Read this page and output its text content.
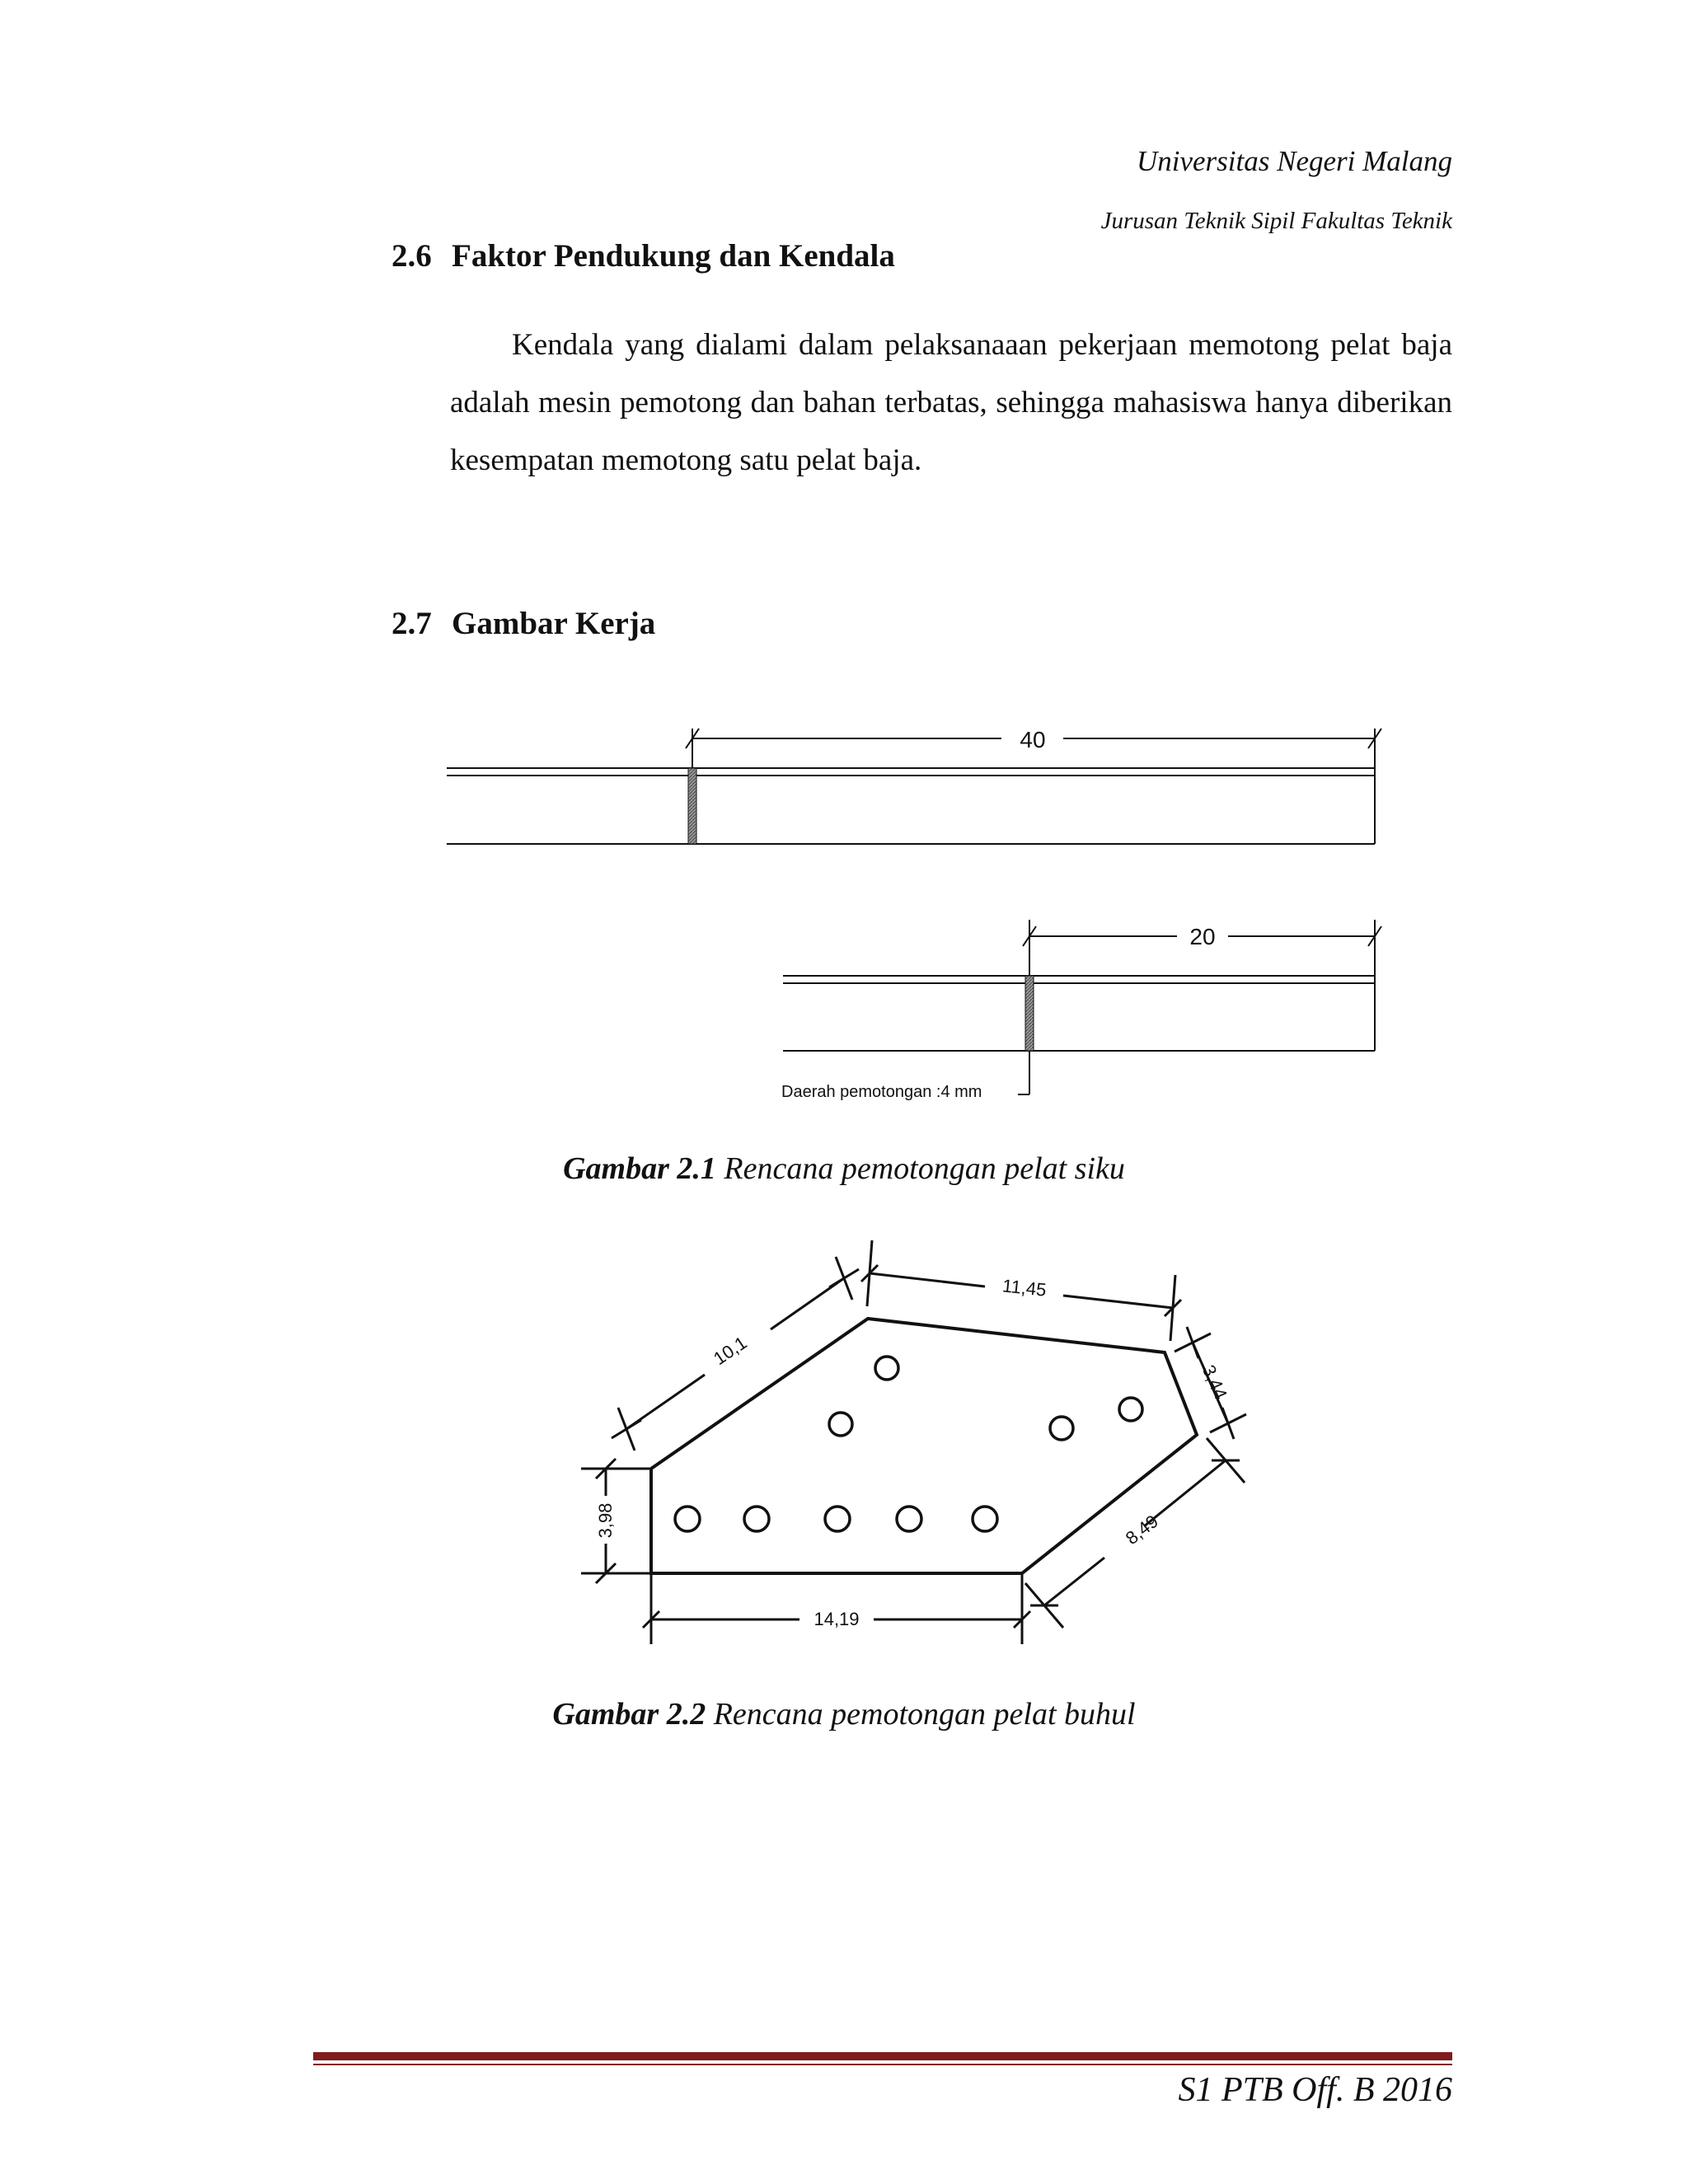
Universitas Negeri Malang
Jurusan Teknik Sipil Fakultas Teknik
2.6 Faktor Pendukung dan Kendala

Kendala yang dialami dalam pelaksanaaan pekerjaan memotong pelat baja adalah mesin pemotong dan bahan terbatas, sehingga mahasiswa hanya diberikan kesempatan memotong satu pelat baja.

2.7 Gambar Kerja
40
20
Daerah pemotongan :4 mm
Gambar 2.1 Rencana pemotongan pelat siku
10,1
11,45
3,44
8,49
3,98
14,19
Gambar 2.2 Rencana pemotongan pelat buhul
S1 PTB Off. B 2016
